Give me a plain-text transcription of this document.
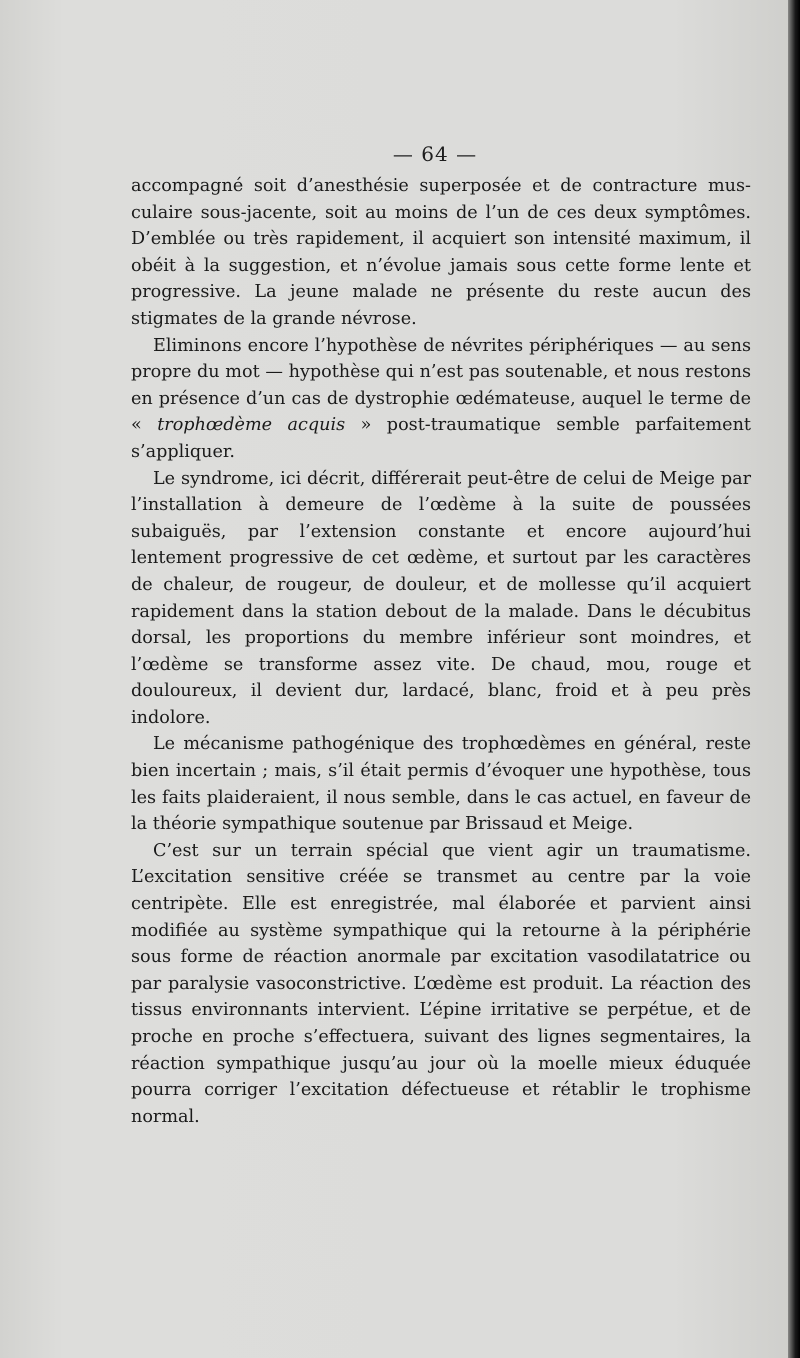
— 64 —

accompagné soit d’anesthésie superposée et de contracture musculaire sous-jacente, soit au moins de l’un de ces deux symptômes. D’emblée ou très rapidement, il acquiert son intensité maximum, il obéit à la suggestion, et n’évolue jamais sous cette forme lente et progressive. La jeune malade ne présente du reste aucun des stigmates de la grande névrose.

Eliminons encore l’hypothèse de névrites périphériques — au sens propre du mot — hypothèse qui n’est pas soutenable, et nous restons en présence d’un cas de dystrophie œdémateuse, auquel le terme de « trophœdème acquis » post-traumatique semble parfaitement s’appliquer.

Le syndrome, ici décrit, différerait peut-être de celui de Meige par l’installation à demeure de l’œdème à la suite de poussées subaiguës, par l’extension constante et encore aujourd’hui lentement progressive de cet œdème, et surtout par les caractères de chaleur, de rougeur, de douleur, et de mollesse qu’il acquiert rapidement dans la station debout de la malade. Dans le décubitus dorsal, les proportions du membre inférieur sont moindres, et l’œdème se transforme assez vite. De chaud, mou, rouge et douloureux, il devient dur, lardacé, blanc, froid et à peu près indolore.

Le mécanisme pathogénique des trophœdèmes en général, reste bien incertain ; mais, s’il était permis d’évoquer une hypothèse, tous les faits plaideraient, il nous semble, dans le cas actuel, en faveur de la théorie sympathique soutenue par Brissaud et Meige.

C’est sur un terrain spécial que vient agir un traumatisme. L’excitation sensitive créée se transmet au centre par la voie centripète. Elle est enregistrée, mal élaborée et parvient ainsi modifiée au système sympathique qui la retourne à la périphérie sous forme de réaction anormale par excitation vasodilatatrice ou par paralysie vasoconstrictive. L’œdème est produit. La réaction des tissus environnants intervient. L’épine irritative se perpétue, et de proche en proche s’effectuera, suivant des lignes segmentaires, la réaction sympathique jusqu’au jour où la moelle mieux éduquée pourra corriger l’excitation défectueuse et rétablir le trophisme normal.
